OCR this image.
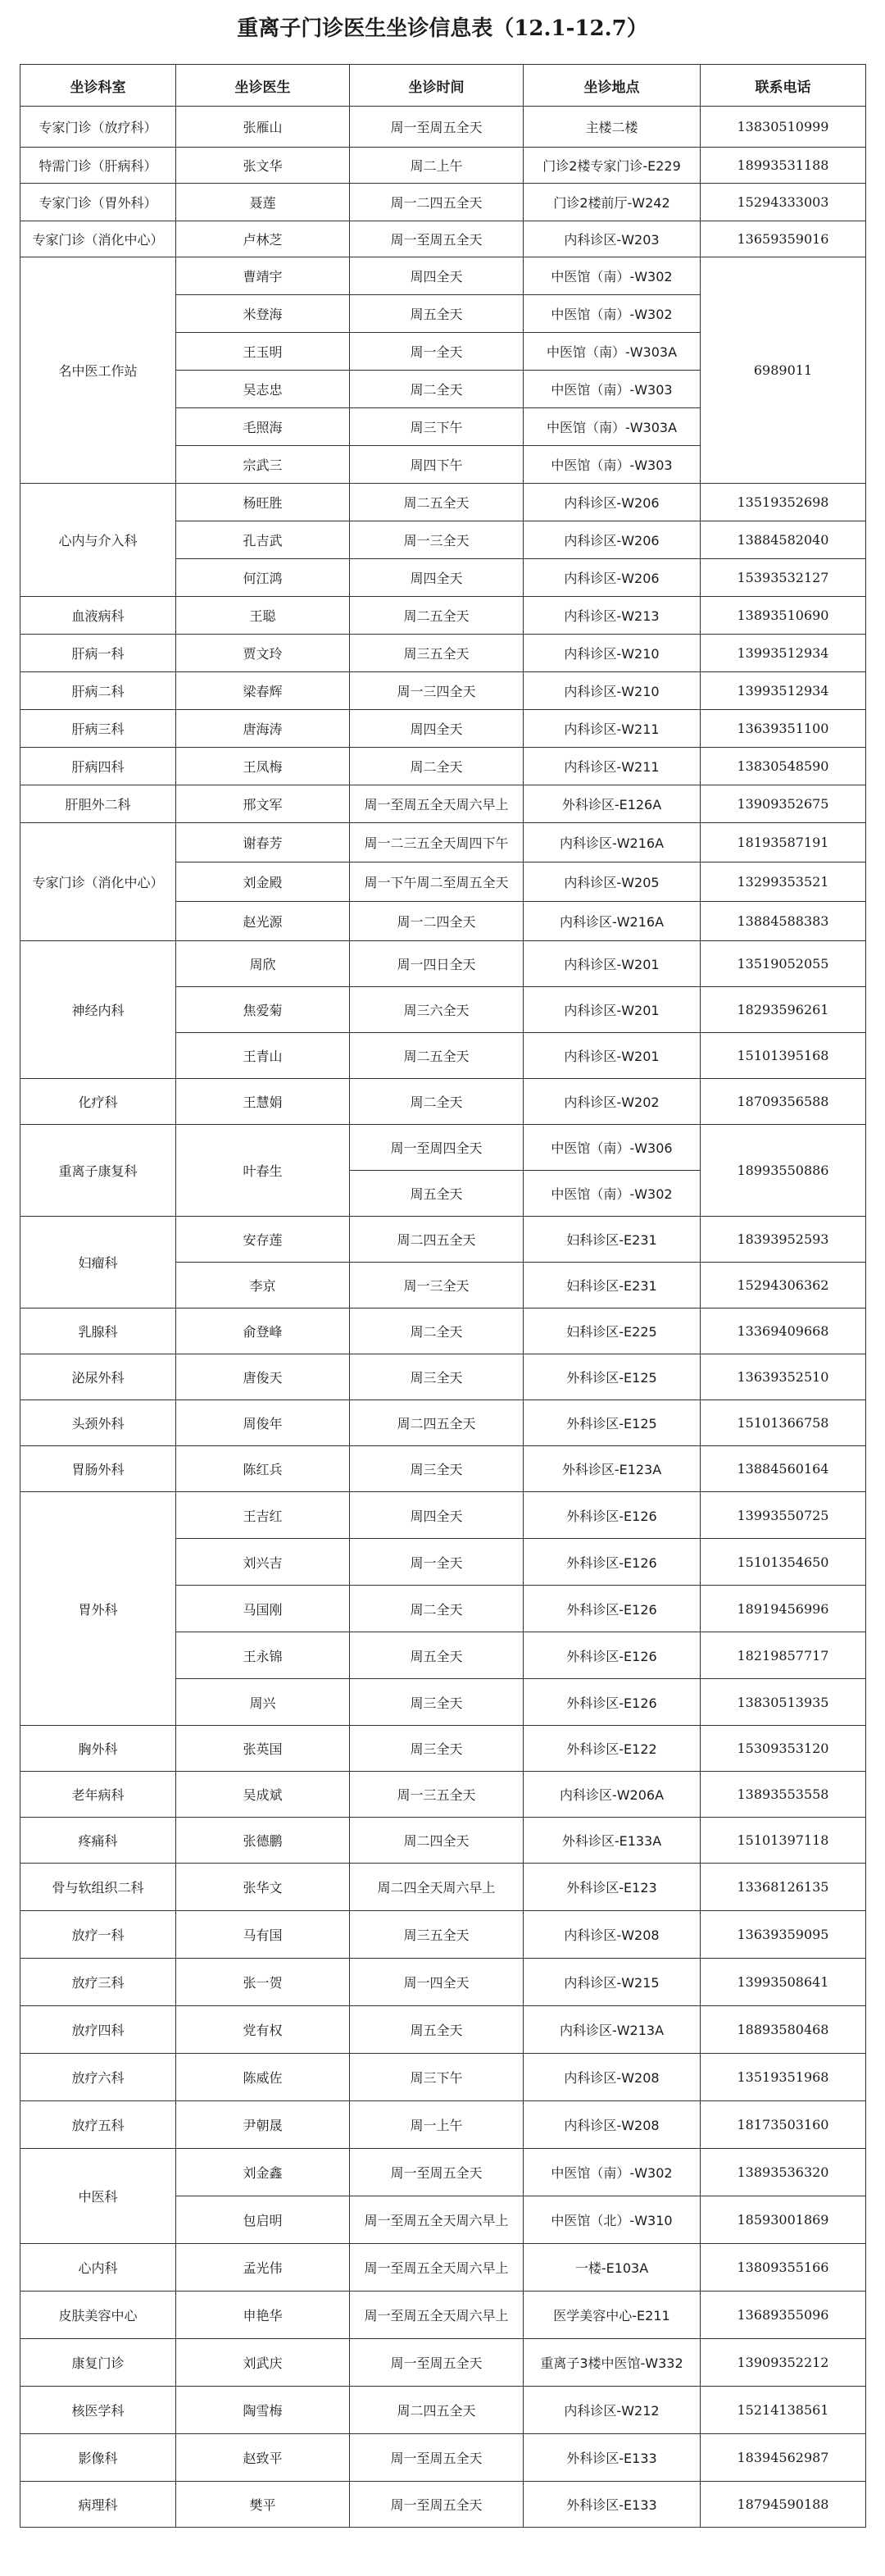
重离子门诊医生坐诊信息表（12.1-12.7）
坐诊科室	坐诊医生	坐诊时间	坐诊地点	联系电话
专家门诊（放疗科）	张雁山	周一至周五全天	主楼二楼	13830510999
特需门诊（肝病科）	张文华	周二上午	门诊2楼专家门诊-E229	18993531188
专家门诊（胃外科）	聂莲	周一二四五全天	门诊2楼前厅-W242	15294333003
专家门诊（消化中心）	卢林芝	周一至周五全天	内科诊区-W203	13659359016
名中医工作站	曹靖宇	周四全天	中医馆（南）-W302	6989011
	米登海	周五全天	中医馆（南）-W302	
	王玉明	周一全天	中医馆（南）-W303A	
	吴志忠	周二全天	中医馆（南）-W303	
	毛照海	周三下午	中医馆（南）-W303A	
	宗武三	周四下午	中医馆（南）-W303	
心内与介入科	杨旺胜	周二五全天	内科诊区-W206	13519352698
	孔吉武	周一三全天	内科诊区-W206	13884582040
	何江鸿	周四全天	内科诊区-W206	15393532127
血液病科	王聪	周二五全天	内科诊区-W213	13893510690
肝病一科	贾文玲	周三五全天	内科诊区-W210	13993512934
肝病二科	梁春辉	周一三四全天	内科诊区-W210	13993512934
肝病三科	唐海涛	周四全天	内科诊区-W211	13639351100
肝病四科	王凤梅	周二全天	内科诊区-W211	13830548590
肝胆外二科	邢文军	周一至周五全天周六早上	外科诊区-E126A	13909352675
专家门诊（消化中心）	谢春芳	周一二三五全天周四下午	内科诊区-W216A	18193587191
	刘金殿	周一下午周二至周五全天	内科诊区-W205	13299353521
	赵光源	周一二四全天	内科诊区-W216A	13884588383
神经内科	周欣	周一四日全天	内科诊区-W201	13519052055
	焦爱菊	周三六全天	内科诊区-W201	18293596261
	王青山	周二五全天	内科诊区-W201	15101395168
化疗科	王慧娟	周二全天	内科诊区-W202	18709356588
重离子康复科	叶春生	周一至周四全天	中医馆（南）-W306	18993550886
		周五全天	中医馆（南）-W302	
妇瘤科	安存莲	周二四五全天	妇科诊区-E231	18393952593
	李京	周一三全天	妇科诊区-E231	15294306362
乳腺科	俞登峰	周二全天	妇科诊区-E225	13369409668
泌尿外科	唐俊天	周三全天	外科诊区-E125	13639352510
头颈外科	周俊年	周二四五全天	外科诊区-E125	15101366758
胃肠外科	陈红兵	周三全天	外科诊区-E123A	13884560164
胃外科	王吉红	周四全天	外科诊区-E126	13993550725
	刘兴吉	周一全天	外科诊区-E126	15101354650
	马国刚	周二全天	外科诊区-E126	18919456996
	王永锦	周五全天	外科诊区-E126	18219857717
	周兴	周三全天	外科诊区-E126	13830513935
胸外科	张英国	周三全天	外科诊区-E122	15309353120
老年病科	吴成斌	周一三五全天	内科诊区-W206A	13893553558
疼痛科	张德鹏	周二四全天	外科诊区-E133A	15101397118
骨与软组织二科	张华文	周二四全天周六早上	外科诊区-E123	13368126135
放疗一科	马有国	周三五全天	内科诊区-W208	13639359095
放疗三科	张一贺	周一四全天	内科诊区-W215	13993508641
放疗四科	党有权	周五全天	内科诊区-W213A	18893580468
放疗六科	陈威佐	周三下午	内科诊区-W208	13519351968
放疗五科	尹朝晟	周一上午	内科诊区-W208	18173503160
中医科	刘金鑫	周一至周五全天	中医馆（南）-W302	13893536320
	包启明	周一至周五全天周六早上	中医馆（北）-W310	18593001869
心内科	孟光伟	周一至周五全天周六早上	一楼-E103A	13809355166
皮肤美容中心	申艳华	周一至周五全天周六早上	医学美容中心-E211	13689355096
康复门诊	刘武庆	周一至周五全天	重离子3楼中医馆-W332	13909352212
核医学科	陶雪梅	周二四五全天	内科诊区-W212	15214138561
影像科	赵致平	周一至周五全天	外科诊区-E133	18394562987
病理科	樊平	周一至周五全天	外科诊区-E133	18794590188
